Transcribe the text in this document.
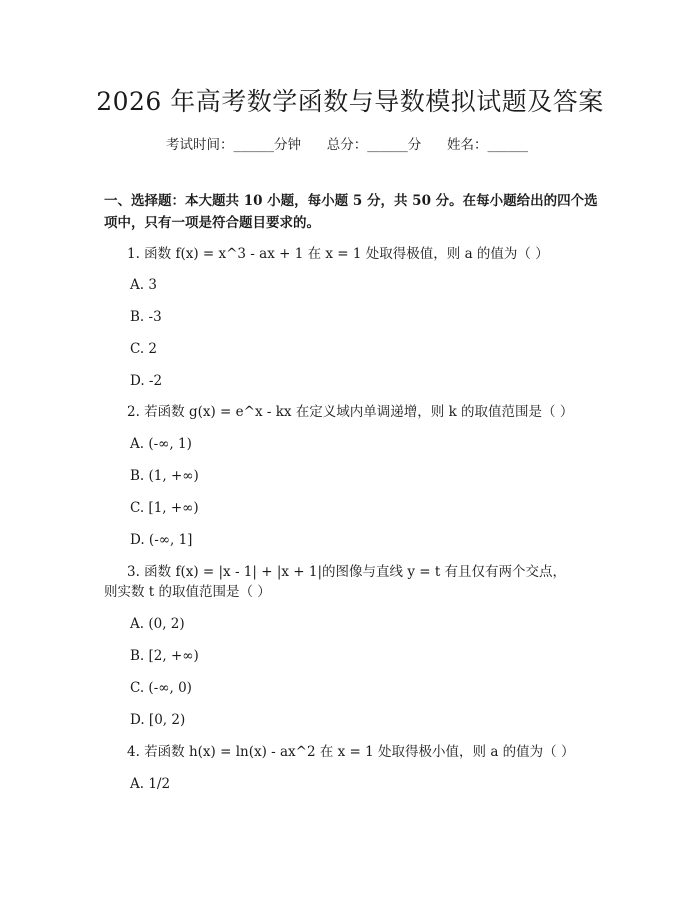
2026 年高考数学函数与导数模拟试题及答案
考试时间：______分钟 总分：______分 姓名：______
一、选择题：本大题共 10 小题，每小题 5 分，共 50 分。在每小题给出的四个选
项中，只有一项是符合题目要求的。
1. 函数 f(x) = x^3 - ax + 1 在 x = 1 处取得极值，则 a 的值为（ ）
A. 3
B. -3
C. 2
D. -2
2. 若函数 g(x) = e^x - kx 在定义域内单调递增，则 k 的取值范围是（ ）
A. (-∞, 1)
B. (1, +∞)
C. [1, +∞)
D. (-∞, 1]
3. 函数 f(x) = |x - 1| + |x + 1|的图像与直线 y = t 有且仅有两个交点，
则实数 t 的取值范围是（ ）
A. (0, 2)
B. [2, +∞)
C. (-∞, 0)
D. [0, 2)
4. 若函数 h(x) = ln(x) - ax^2 在 x = 1 处取得极小值，则 a 的值为（ ）
A. 1/2
